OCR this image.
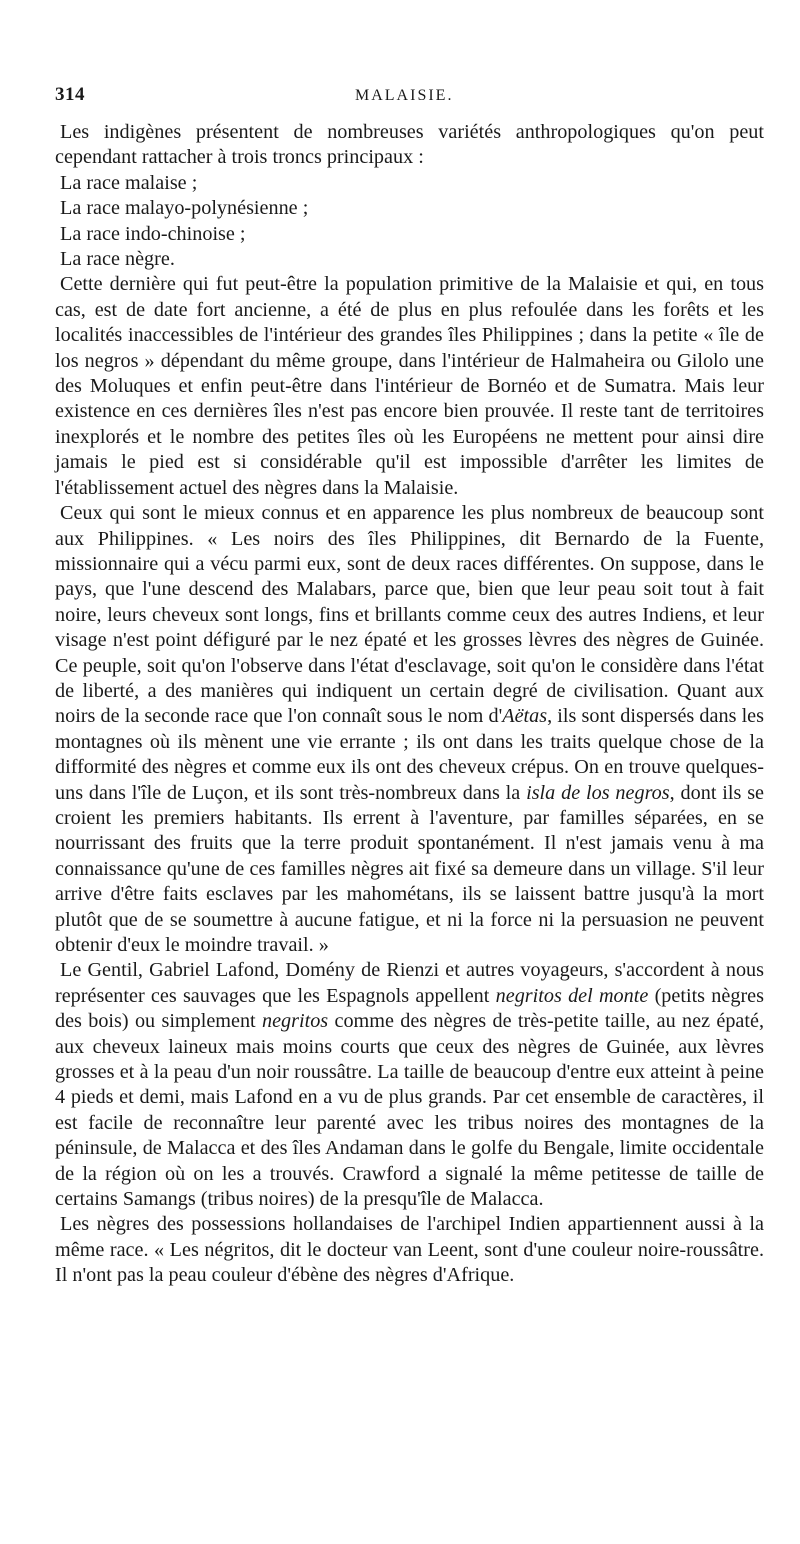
314	MALAISIE.

Les indigènes présentent de nombreuses variétés anthropologiques qu'on peut cependant rattacher à trois troncs principaux :

La race malaise ;

La race malayo-polynésienne ;

La race indo-chinoise ;

La race nègre.

Cette dernière qui fut peut-être la population primitive de la Malaisie et qui, en tous cas, est de date fort ancienne, a été de plus en plus refoulée dans les forêts et les localités inaccessibles de l'intérieur des grandes îles Philippines ; dans la petite « île de los negros » dépendant du même groupe, dans l'intérieur de Halmaheira ou Gilolo une des Moluques et enfin peut-être dans l'intérieur de Bornéo et de Sumatra. Mais leur existence en ces dernières îles n'est pas encore bien prouvée. Il reste tant de territoires inexplorés et le nombre des petites îles où les Européens ne mettent pour ainsi dire jamais le pied est si considérable qu'il est impossible d'arrêter les limites de l'établissement actuel des nègres dans la Malaisie.

Ceux qui sont le mieux connus et en apparence les plus nombreux de beaucoup sont aux Philippines. « Les noirs des îles Philippines, dit Bernardo de la Fuente, missionnaire qui a vécu parmi eux, sont de deux races différentes. On suppose, dans le pays, que l'une descend des Malabars, parce que, bien que leur peau soit tout à fait noire, leurs cheveux sont longs, fins et brillants comme ceux des autres Indiens, et leur visage n'est point défiguré par le nez épaté et les grosses lèvres des nègres de Guinée. Ce peuple, soit qu'on l'observe dans l'état d'esclavage, soit qu'on le considère dans l'état de liberté, a des manières qui indiquent un certain degré de civilisation. Quant aux noirs de la seconde race que l'on connaît sous le nom d'Aëtas, ils sont dispersés dans les montagnes où ils mènent une vie errante ; ils ont dans les traits quelque chose de la difformité des nègres et comme eux ils ont des cheveux crépus. On en trouve quelques-uns dans l'île de Luçon, et ils sont très-nombreux dans la isla de los negros, dont ils se croient les premiers habitants. Ils errent à l'aventure, par familles séparées, en se nourrissant des fruits que la terre produit spontanément. Il n'est jamais venu à ma connaissance qu'une de ces familles nègres ait fixé sa demeure dans un village. S'il leur arrive d'être faits esclaves par les mahométans, ils se laissent battre jusqu'à la mort plutôt que de se soumettre à aucune fatigue, et ni la force ni la persuasion ne peuvent obtenir d'eux le moindre travail. »

Le Gentil, Gabriel Lafond, Domény de Rienzi et autres voyageurs, s'accordent à nous représenter ces sauvages que les Espagnols appellent negritos del monte (petits nègres des bois) ou simplement negritos comme des nègres de très-petite taille, au nez épaté, aux cheveux laineux mais moins courts que ceux des nègres de Guinée, aux lèvres grosses et à la peau d'un noir roussâtre. La taille de beaucoup d'entre eux atteint à peine 4 pieds et demi, mais Lafond en a vu de plus grands. Par cet ensemble de caractères, il est facile de reconnaître leur parenté avec les tribus noires des montagnes de la péninsule, de Malacca et des îles Andaman dans le golfe du Bengale, limite occidentale de la région où on les a trouvés. Crawford a signalé la même petitesse de taille de certains Samangs (tribus noires) de la presqu'île de Malacca.

Les nègres des possessions hollandaises de l'archipel Indien appartiennent aussi à la même race. « Les négritos, dit le docteur van Leent, sont d'une couleur noire-roussâtre. Il n'ont pas la peau couleur d'ébène des nègres d'Afrique.
